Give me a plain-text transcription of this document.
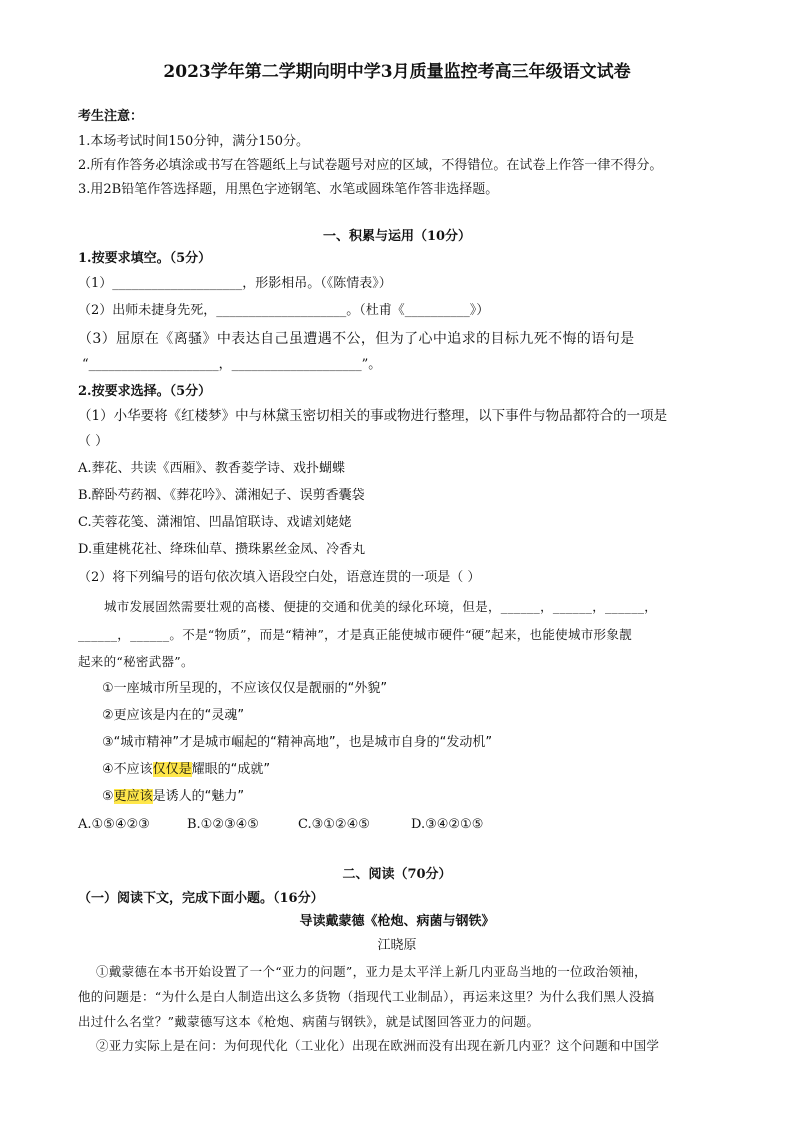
2023学年第二学期向明中学3月质量监控考高三年级语文试卷
考生注意：
1.本场考试时间150分钟，满分150分。
2.所有作答务必填涂或书写在答题纸上与试卷题号对应的区域，不得错位。在试卷上作答一律不得分。
3.用2B铅笔作答选择题，用黑色字迹钢笔、水笔或圆珠笔作答非选择题。
一、积累与运用（10分）
1.按要求填空。（5分）
（1）____________________，形影相吊。（《陈情表》）
（2）出师未捷身先死，____________________。（杜甫《__________》）
（3）屈原在《离骚》中表达自己虽遭遇不公，但为了心中追求的目标九死不悔的语句是
“____________________，____________________”。
2.按要求选择。（5分）
（1）小华要将《红楼梦》中与林黛玉密切相关的事或物进行整理，以下事件与物品都符合的一项是
（ ）
A.葬花、共读《西厢》、教香菱学诗、戏扑蝴蝶
B.醉卧芍药裀、《葬花吟》、潇湘妃子、误剪香囊袋
C.芙蓉花笺、潇湘馆、凹晶馆联诗、戏谑刘姥姥
D.重建桃花社、绛珠仙草、攒珠累丝金凤、冷香丸
（2）将下列编号的语句依次填入语段空白处，语意连贯的一项是（ ）
城市发展固然需要壮观的高楼、便捷的交通和优美的绿化环境，但是，______，______，______，
______，______。不是“物质”，而是“精神”，才是真正能使城市硬件“硬”起来，也能使城市形象靓
起来的“秘密武器”。
①一座城市所呈现的，不应该仅仅是靓丽的“外貌”
②更应该是内在的“灵魂”
③“城市精神”才是城市崛起的“精神高地”，也是城市自身的“发动机”
④不应该仅仅是耀眼的“成就”
⑤更应该是诱人的“魅力”
A.①⑤④②③	B.①②③④⑤	C.③①②④⑤	D.③④②①⑤
二、阅读（70分）
（一）阅读下文，完成下面小题。（16分）
导读戴蒙德《枪炮、病菌与钢铁》
江晓原
①戴蒙德在本书开始设置了一个“亚力的问题”，亚力是太平洋上新几内亚岛当地的一位政治领袖，
他的问题是：“为什么是白人制造出这么多货物（指现代工业制品），再运来这里？为什么我们黑人没搞
出过什么名堂？”戴蒙德写这本《枪炮、病菌与钢铁》，就是试图回答亚力的问题。
②亚力实际上是在问：为何现代化（工业化）出现在欧洲而没有出现在新几内亚？这个问题和中国学
